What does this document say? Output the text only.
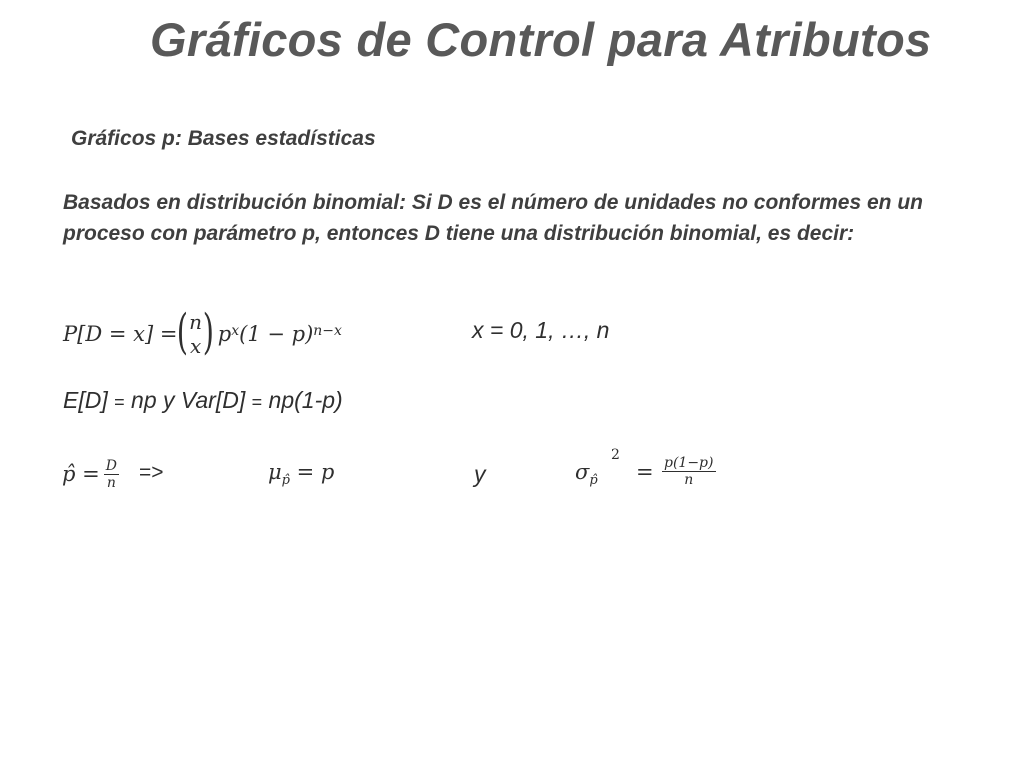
Gráficos de Control para Atributos
Gráficos p: Bases estadísticas
Basados en distribución binomial: Si D es el número de unidades no conformes en un proceso con parámetro p, entonces D tiene una distribución binomial, es decir:
P[D = x] = ( n
x ) $p^x$ $(1 - p)^{n-x}$	x = 0, 1, …, n
E[D] = np y Var[D] = np(1-p)
p̂ = $\frac{D}{n}$ =>	$\mu_{p̂} = p$	y	$\sigma_{p̂}$
2
= $\frac{p(1-p)}{n}$
